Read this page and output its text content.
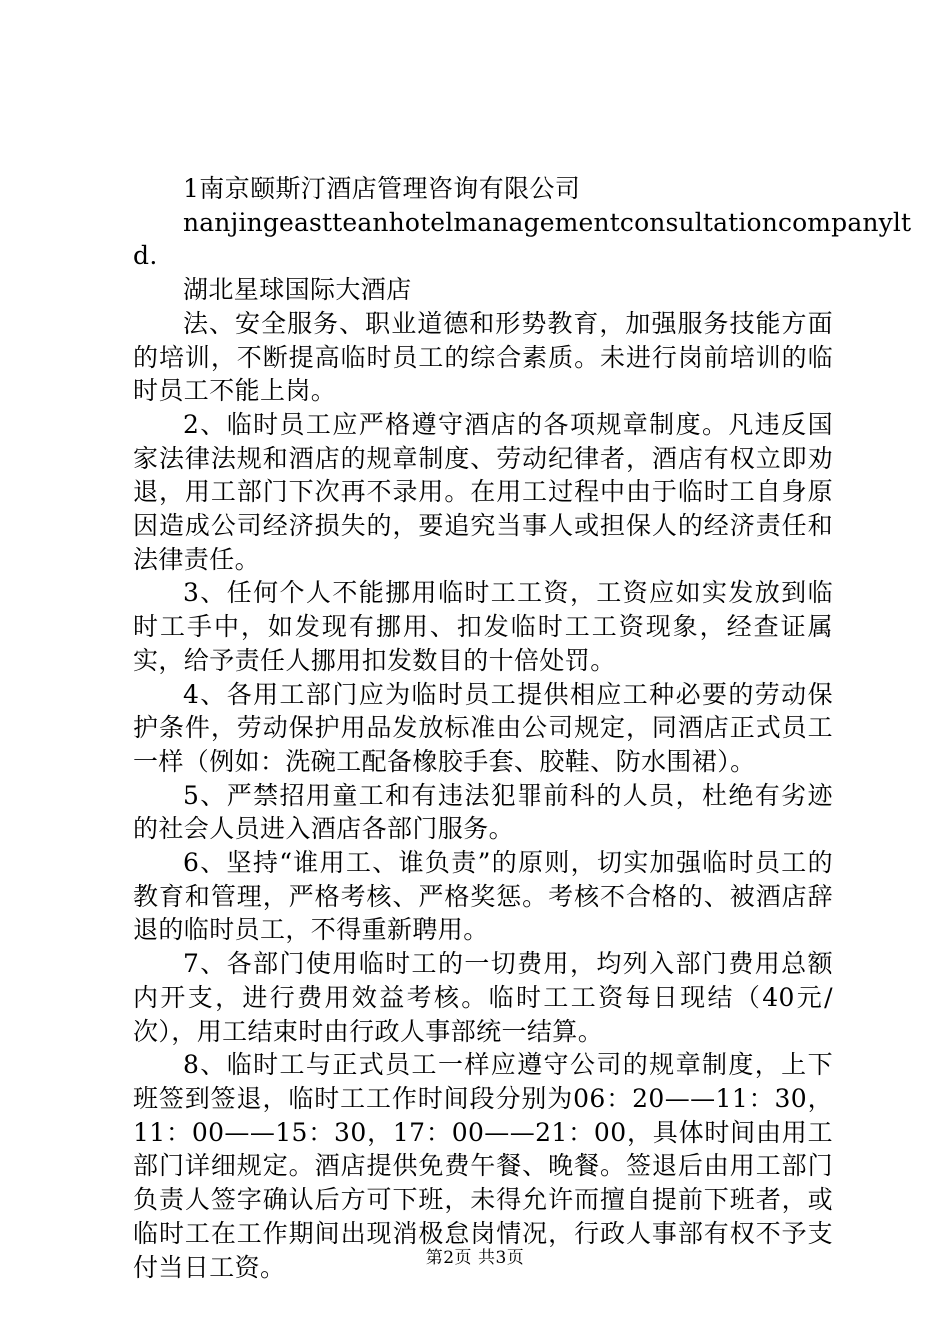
1南京颐斯汀酒店管理咨询有限公司
nanjingeastteanhotelmanagementconsultationcompanylt
d.
湖北星球国际大酒店

法、安全服务、职业道德和形势教育，加强服务技能方面的培训，不断提高临时员工的综合素质。未进行岗前培训的临时员工不能上岗。

2、临时员工应严格遵守酒店的各项规章制度。凡违反国家法律法规和酒店的规章制度、劳动纪律者，酒店有权立即劝退，用工部门下次再不录用。在用工过程中由于临时工自身原因造成公司经济损失的，要追究当事人或担保人的经济责任和法律责任。

3、任何个人不能挪用临时工工资，工资应如实发放到临时工手中，如发现有挪用、扣发临时工工资现象，经查证属实，给予责任人挪用扣发数目的十倍处罚。

4、各用工部门应为临时员工提供相应工种必要的劳动保护条件，劳动保护用品发放标准由公司规定，同酒店正式员工一样（例如：洗碗工配备橡胶手套、胶鞋、防水围裙）。

5、严禁招用童工和有违法犯罪前科的人员，杜绝有劣迹的社会人员进入酒店各部门服务。

6、坚持“谁用工、谁负责”的原则，切实加强临时员工的教育和管理，严格考核、严格奖惩。考核不合格的、被酒店辞退的临时员工，不得重新聘用。

7、各部门使用临时工的一切费用，均列入部门费用总额内开支，进行费用效益考核。临时工工资每日现结（40元/次），用工结束时由行政人事部统一结算。

8、临时工与正式员工一样应遵守公司的规章制度，上下班签到签退，临时工工作时间段分别为06：20——11：30，11：00——15：30，17：00——21：00，具体时间由用工部门详细规定。酒店提供免费午餐、晚餐。签退后由用工部门负责人签字确认后方可下班，未得允许而擅自提前下班者，或临时工在工作期间出现消极怠岗情况，行政人事部有权不予支付当日工资。	第2页 共3页
